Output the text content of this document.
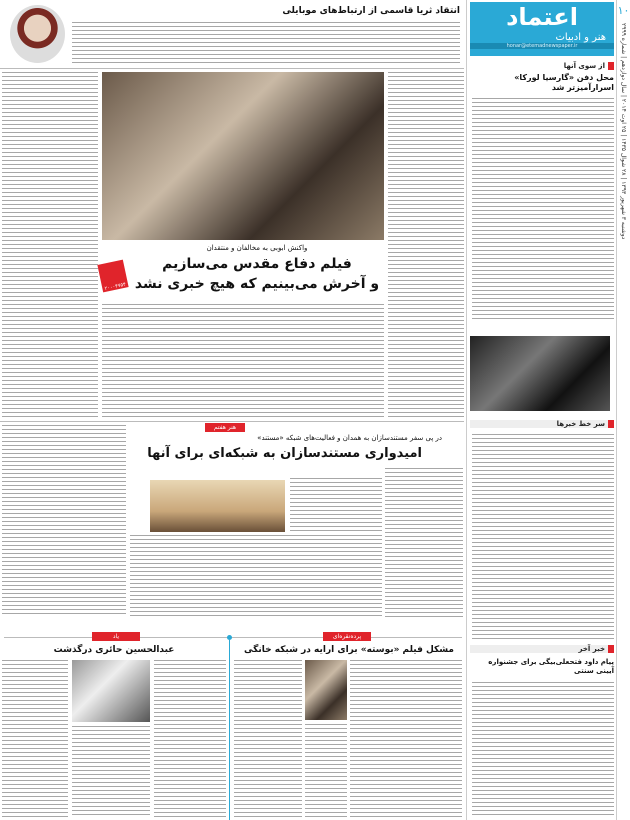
۱۰
دوشنبه ۳ شهریور ۱۳۹۳ | ۲۸ شوال ۱۴۳۵ | ۲۵ اوت ۲۰۱۴ | سال دوازدهم | شماره ۲۹۹۹
اعتماد
هنر و ادبیات
honar@etemadnewspaper.ir
از سوی آنها
محل دفن «گارسیا لورکا» اسرارآمیزتر شد
سر خط خبرها
خبر آخر
پیام داود فتحعلی‌بیگی برای جشنواره آیینی سنتی
انتقاد ثریا قاسمی از ارتباط‌های موبایلی
واکنش ابوبی به مخالفان و منتقدان
فیلم دفاع مقدس می‌سازیم
و آخرش می‌بینیم که هیچ خبری نشد
۲۰۰۰۴۷۵۴
هنر هفتم
در پی سفر مستندسازان به همدان و فعالیت‌های شبکه «مستند»
امیدواری مستندسازان به شبکه‌ای برای آنها
پرده‌نقره‌ای
یاد
مشکل فیلم «بوسته» برای ارایه در شبکه خانگی
عبدالحسین حائری درگذشت
